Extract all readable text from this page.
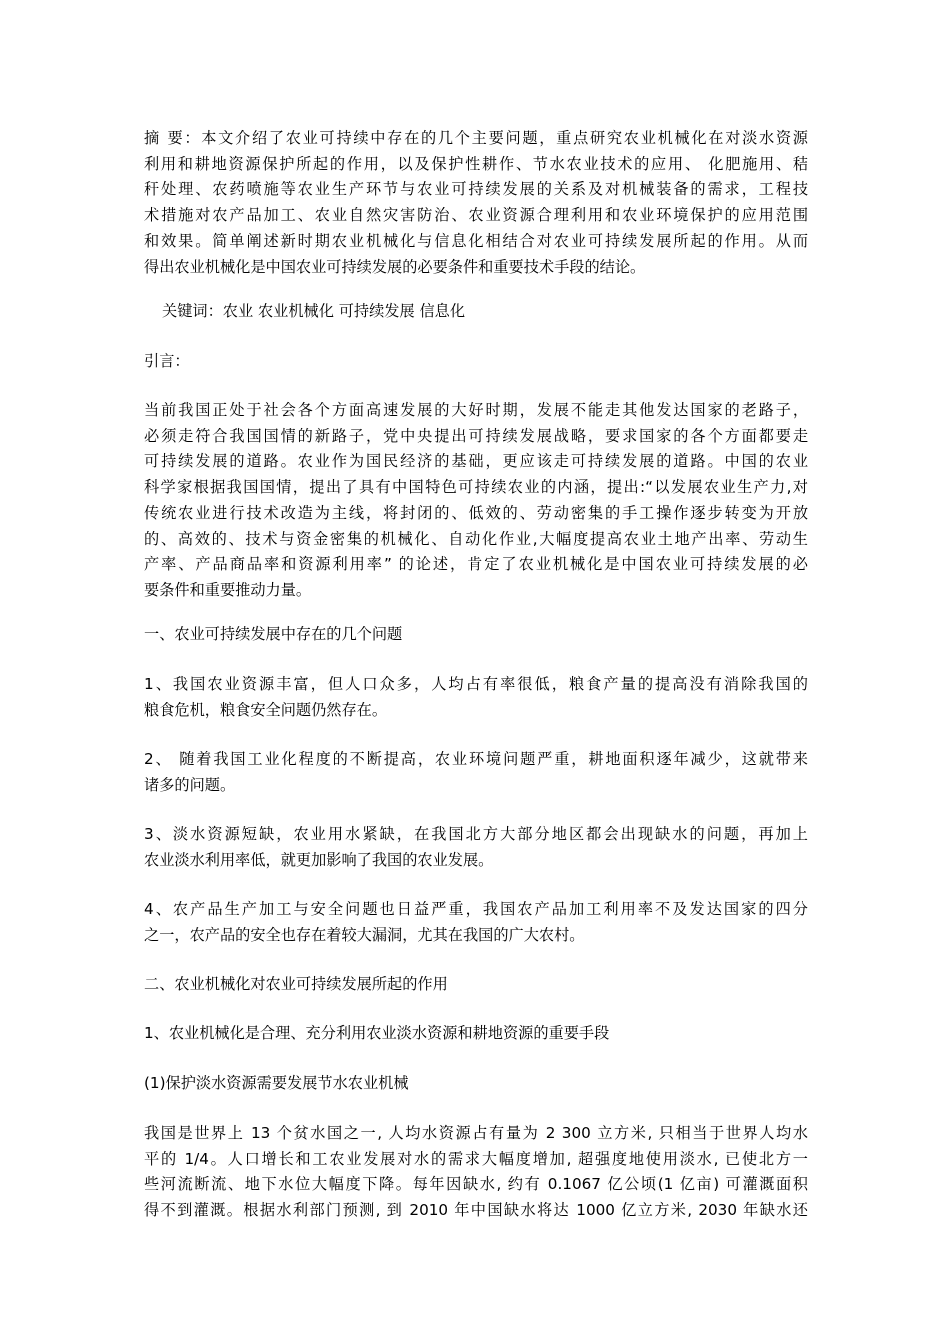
摘 要：本文介绍了农业可持续中存在的几个主要问题，重点研究农业机械化在对淡水资源
利用和耕地资源保护所起的作用，以及保护性耕作、节水农业技术的应用、 化肥施用、秸
秆处理、农药喷施等农业生产环节与农业可持续发展的关系及对机械装备的需求，工程技
术措施对农产品加工、农业自然灾害防治、农业资源合理利用和农业环境保护的应用范围
和效果。简单阐述新时期农业机械化与信息化相结合对农业可持续发展所起的作用。从而
得出农业机械化是中国农业可持续发展的必要条件和重要技术手段的结论。
关键词：农业 农业机械化 可持续发展 信息化
引言：
当前我国正处于社会各个方面高速发展的大好时期，发展不能走其他发达国家的老路子，
必须走符合我国国情的新路子，党中央提出可持续发展战略，要求国家的各个方面都要走
可持续发展的道路。农业作为国民经济的基础，更应该走可持续发展的道路。中国的农业
科学家根据我国国情，提出了具有中国特色可持续农业的内涵，提出:“以发展农业生产力,对
传统农业进行技术改造为主线，将封闭的、低效的、劳动密集的手工操作逐步转变为开放
的、高效的、技术与资金密集的机械化、自动化作业,大幅度提高农业土地产出率、劳动生
产率、产品商品率和资源利用率” 的论述，肯定了农业机械化是中国农业可持续发展的必
要条件和重要推动力量。
一、农业可持续发展中存在的几个问题
1、我国农业资源丰富，但人口众多，人均占有率很低，粮食产量的提高没有消除我国的
粮食危机，粮食安全问题仍然存在。
2、 随着我国工业化程度的不断提高，农业环境问题严重，耕地面积逐年减少，这就带来
诸多的问题。
3、淡水资源短缺，农业用水紧缺，在我国北方大部分地区都会出现缺水的问题，再加上
农业淡水利用率低，就更加影响了我国的农业发展。
4、农产品生产加工与安全问题也日益严重，我国农产品加工利用率不及发达国家的四分
之一，农产品的安全也存在着较大漏洞，尤其在我国的广大农村。
二、农业机械化对农业可持续发展所起的作用
1、农业机械化是合理、充分利用农业淡水资源和耕地资源的重要手段
(1)保护淡水资源需要发展节水农业机械
我国是世界上 13 个贫水国之一, 人均水资源占有量为 2 300 立方米, 只相当于世界人均水
平的 1/4。人口增长和工农业发展对水的需求大幅度增加, 超强度地使用淡水, 已使北方一
些河流断流、地下水位大幅度下降。每年因缺水, 约有 0.1067 亿公顷(1 亿亩) 可灌溉面积
得不到灌溉。根据水利部门预测, 到 2010 年中国缺水将达 1000 亿立方米, 2030 年缺水还
